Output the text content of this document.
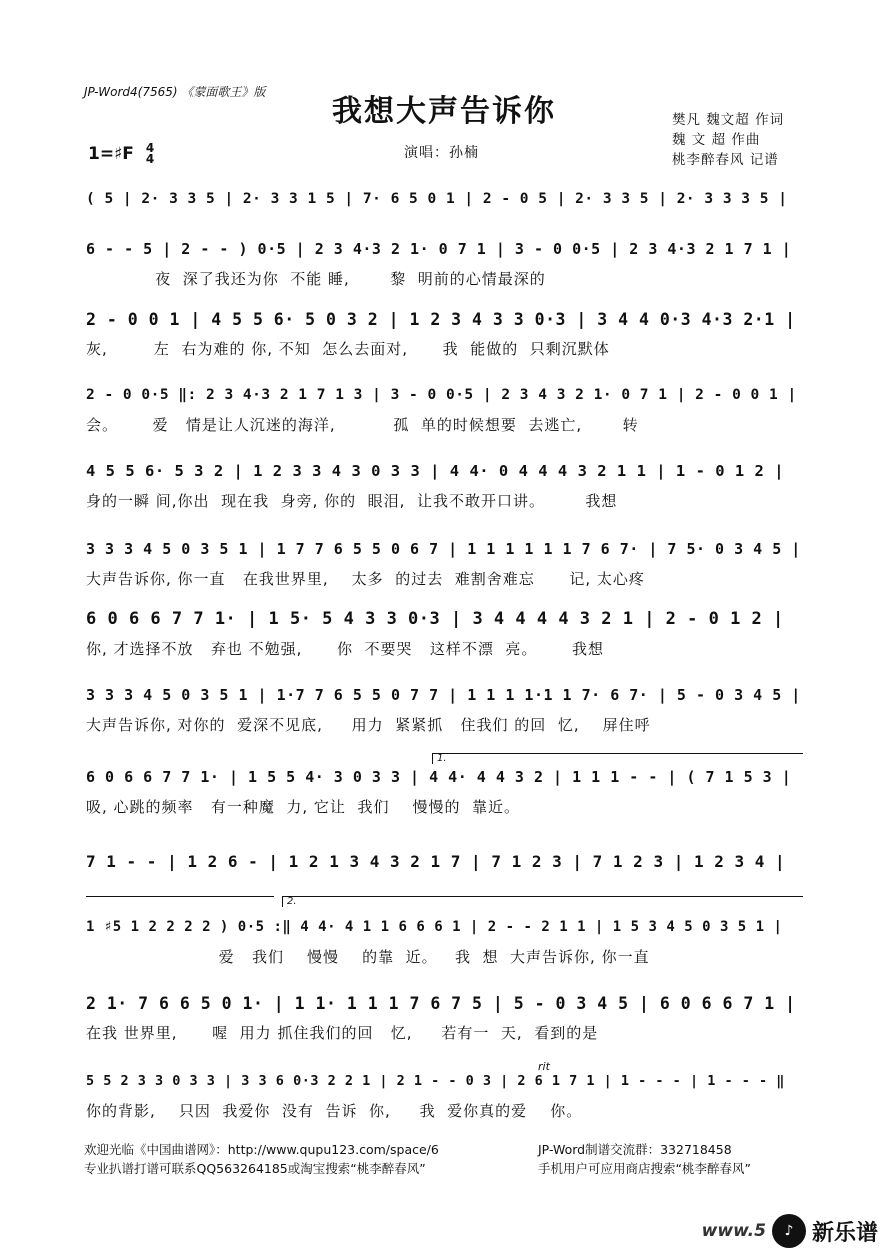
JP-Word4(7565) 《蒙面歌王》版
我想大声告诉你	樊凡 魏文超 作词
魏 文 超 作曲
桃李醉春风 记谱
1=♯F 4
4	演唱：孙楠
( 5 | 2· 3 3 5 | 2· 3 3 1 5 | 7· 6 5 0 1 | 2 - 0 5 | 2· 3 3 5 | 2· 3 3 3 5 |
6 - - 5 | 2 - - ) 0·5 | 2 3 4·3 2 1· 0 7 1 | 3 - 0 0·5 | 2 3 4·3 2 1 7 1 |
夜  深了我还为你  不能 睡,       黎  明前的心情最深的
2 - 0 0 1 | 4 5 5 6· 5 0 3 2 | 1 2 3 4 3 3 0·3 | 3 4 4 0·3 4·3 2·1 |
灰,        左  右为难的 你, 不知  怎么去面对,      我  能做的  只剩沉默体
2 - 0 0·5 ‖: 2 3 4·3 2 1 7 1 3 | 3 - 0 0·5 | 2 3 4 3 2 1· 0 7 1 | 2 - 0 0 1 |
会。      爱   情是让人沉迷的海洋,          孤  单的时候想要  去逃亡,       转
4 5 5 6· 5 3 2 | 1 2 3 3 4 3 0 3 3 | 4 4· 0 4 4 4 3 2 1 1 | 1 - 0 1 2 |
身的一瞬 间,你出  现在我  身旁, 你的  眼泪,  让我不敢开口讲。       我想
3 3 3 4 5 0 3 5 1 | 1 7 7 6 5 5 0 6 7 | 1 1 1 1 1 1 7 6 7· | 7 5· 0 3 4 5 |
大声告诉你, 你一直   在我世界里,    太多  的过去  难割舍难忘      记, 太心疼
6 0 6 6 7 7 1· | 1 5· 5 4 3 3 0·3 | 3 4 4 4 4 3 2 1 | 2 - 0 1 2 |
你, 才选择不放   弃也 不勉强,      你  不要哭   这样不漂  亮。      我想
3 3 3 4 5 0 3 5 1 | 1·7 7 6 5 5 0 7 7 | 1 1 1 1·1 1 7· 6 7· | 5 - 0 3 4 5 |
大声告诉你, 对你的  爱深不见底,     用力  紧紧抓   住我们 的回  忆,    屏住呼
6 0 6 6 7 7 1· | 1 5 5 4· 3 0 3 3 | 4 4· 4 4 3 2 | 1 1 1 - - | ( 7 1 5 3 |
吸, 心跳的频率   有一种魔  力, 它让  我们    慢慢的  靠近。
7 1 - - | 1 2 6 - | 1 2 1 3 4 3 2 1 7 | 7 1 2 3 | 7 1 2 3 | 1 2 3 4 |
1 ♯5 1 2 2 2 2 ) 0·5 :‖ 4 4· 4 1 1 6 6 6 1 | 2 - - 2 1 1 | 1 5 3 4 5 0 3 5 1 |
爱   我们    慢慢    的靠  近。   我  想  大声告诉你, 你一直
2 1· 7 6 6 5 0 1· | 1 1· 1 1 1 7 6 7 5 | 5 - 0 3 4 5 | 6 0 6 6 7 1 |
在我 世界里,      喔  用力 抓住我们的回   忆,     若有一  天,  看到的是
5 5 2 3 3 0 3 3 | 3 3 6 0·3 2 2 1 | 2 1 - - 0 3 | 2 6 1 7 1 | 1 - - - | 1 - - - ‖
你的背影,    只因  我爱你  没有  告诉  你,     我  爱你真的爱    你。
1.
2.
rit
欢迎光临《中国曲谱网》：http://www.qupu123.com/space/6
专业扒谱打谱可联系QQ563264185或淘宝搜索“桃李醉春风”
JP-Word制谱交流群：332718458
手机用户可应用商店搜索“桃李醉春风”
www.5	♪ 新乐谱
